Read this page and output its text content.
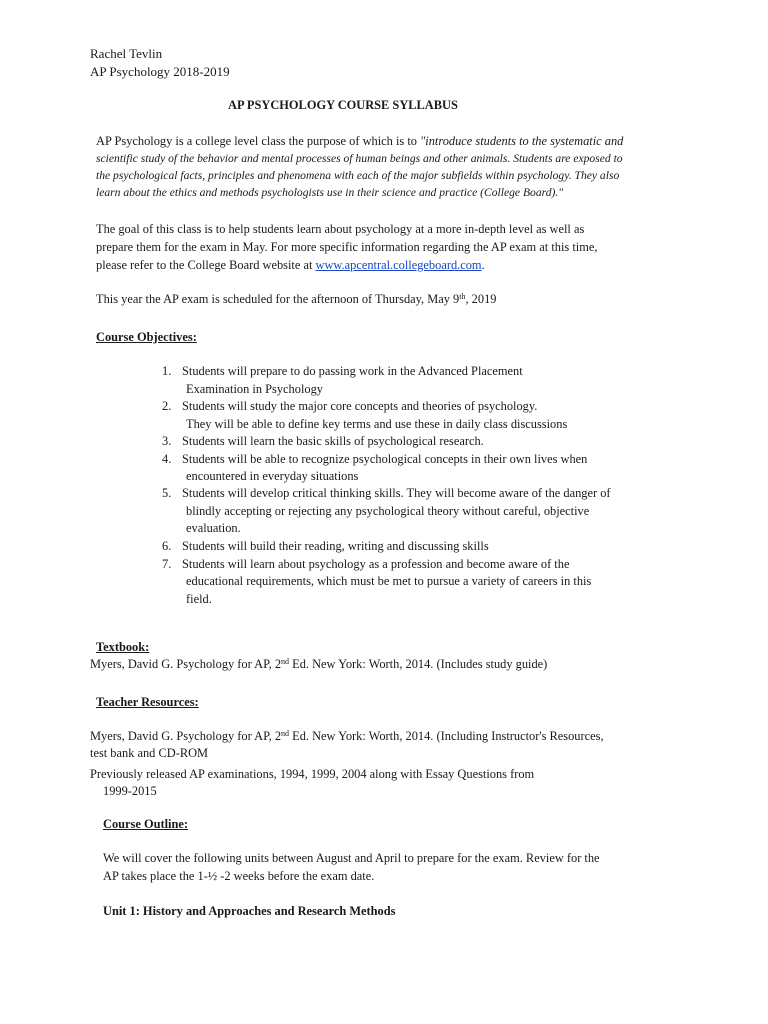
Rachel Tevlin
AP Psychology 2018-2019
AP PSYCHOLOGY COURSE SYLLABUS
AP Psychology is a college level class the purpose of which is to "introduce students to the systematic and
scientific study of the behavior and mental processes of human beings and other animals. Students are exposed to
the psychological facts, principles and phenomena with each of the major subfields within psychology. They also
learn about the ethics and methods psychologists use in their science and practice (College Board)."
The goal of this class is to help students learn about psychology at a more in-depth level as well as
prepare them for the exam in May. For more specific information regarding the AP exam at this time,
please refer to the College Board website at www.apcentral.collegeboard.com.
This year the AP exam is scheduled for the afternoon of Thursday, May 9th, 2019
Course Objectives:
1. Students will prepare to do passing work in the Advanced Placement
Examination in Psychology
2. Students will study the major core concepts and theories of psychology.
They will be able to define key terms and use these in daily class discussions
3. Students will learn the basic skills of psychological research.
4. Students will be able to recognize psychological concepts in their own lives when
encountered in everyday situations
5. Students will develop critical thinking skills. They will become aware of the danger of
blindly accepting or rejecting any psychological theory without careful, objective
evaluation.
6. Students will build their reading, writing and discussing skills
7. Students will learn about psychology as a profession and become aware of the
educational requirements, which must be met to pursue a variety of careers in this
field.
Textbook:
Myers, David G. Psychology for AP, 2nd Ed. New York: Worth, 2014. (Includes study guide)
Teacher Resources:
Myers, David G. Psychology for AP, 2nd Ed. New York: Worth, 2014. (Including Instructor's Resources,
test bank and CD-ROM
Previously released AP examinations, 1994, 1999, 2004 along with Essay Questions from
1999-2015
Course Outline:
We will cover the following units between August and April to prepare for the exam. Review for the
AP takes place the 1-½ -2 weeks before the exam date.
Unit 1: History and Approaches and Research Methods
